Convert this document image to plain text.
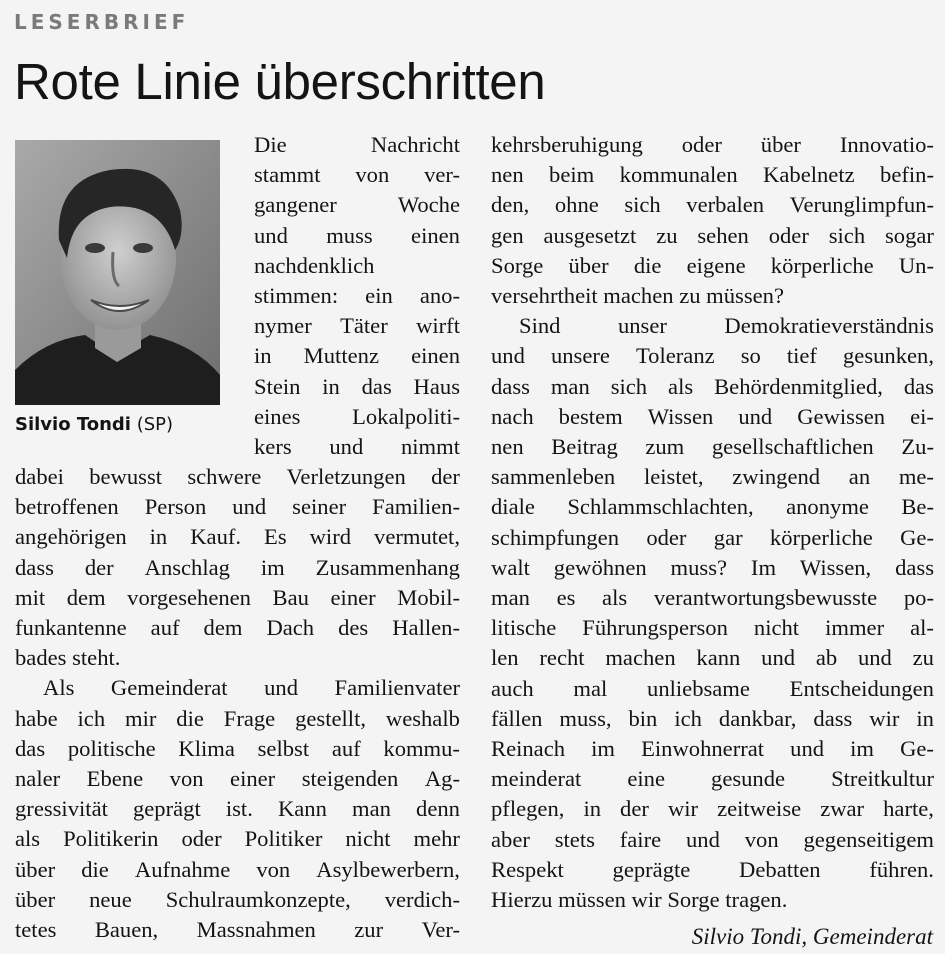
LESERBRIEF
Rote Linie überschritten
Silvio Tondi (SP)
Die	Nachricht
stammt von ver-
gangener	Woche
und muss einen
nachdenklich
stimmen: ein ano-
nymer Täter wirft
in Muttenz einen
Stein in das Haus
eines Lokalpoliti-
kers und nimmt
dabei bewusst schwere Verletzungen der
betroffenen Person und seiner Familien-
angehörigen in Kauf. Es wird vermutet,
dass der Anschlag im Zusammenhang
mit dem vorgesehenen Bau einer Mobil-
funkantenne auf dem Dach des Hallen-
bades steht.
Als Gemeinderat und Familienvater
habe ich mir die Frage gestellt, weshalb
das politische Klima selbst auf kommu-
naler Ebene von einer steigenden Ag-
gressivität geprägt ist. Kann man denn
als Politikerin oder Politiker nicht mehr
über die Aufnahme von Asylbewerbern,
über neue Schulraumkonzepte, verdich-
tetes Bauen, Massnahmen zur Ver-
kehrsberuhigung oder über Innovatio-
nen beim kommunalen Kabelnetz befin-
den, ohne sich verbalen Verunglimpfun-
gen ausgesetzt zu sehen oder sich sogar
Sorge über die eigene körperliche Un-
versehrtheit machen zu müssen?
Sind	unser	Demokratieverständnis
und unsere Toleranz so tief gesunken,
dass man sich als Behördenmitglied, das
nach bestem Wissen und Gewissen ei-
nen Beitrag zum gesellschaftlichen Zu-
sammenleben leistet, zwingend an me-
diale Schlammschlachten, anonyme Be-
schimpfungen oder gar körperliche Ge-
walt gewöhnen muss? Im Wissen, dass
man es als verantwortungsbewusste po-
litische Führungsperson nicht immer al-
len recht machen kann und ab und zu
auch mal unliebsame Entscheidungen
fällen muss, bin ich dankbar, dass wir in
Reinach im Einwohnerrat und im Ge-
meinderat eine gesunde Streitkultur
pflegen, in der wir zeitweise zwar harte,
aber stets faire und von gegenseitigem
Respekt geprägte Debatten führen.
Hierzu müssen wir Sorge tragen.
Silvio Tondi, Gemeinderat
